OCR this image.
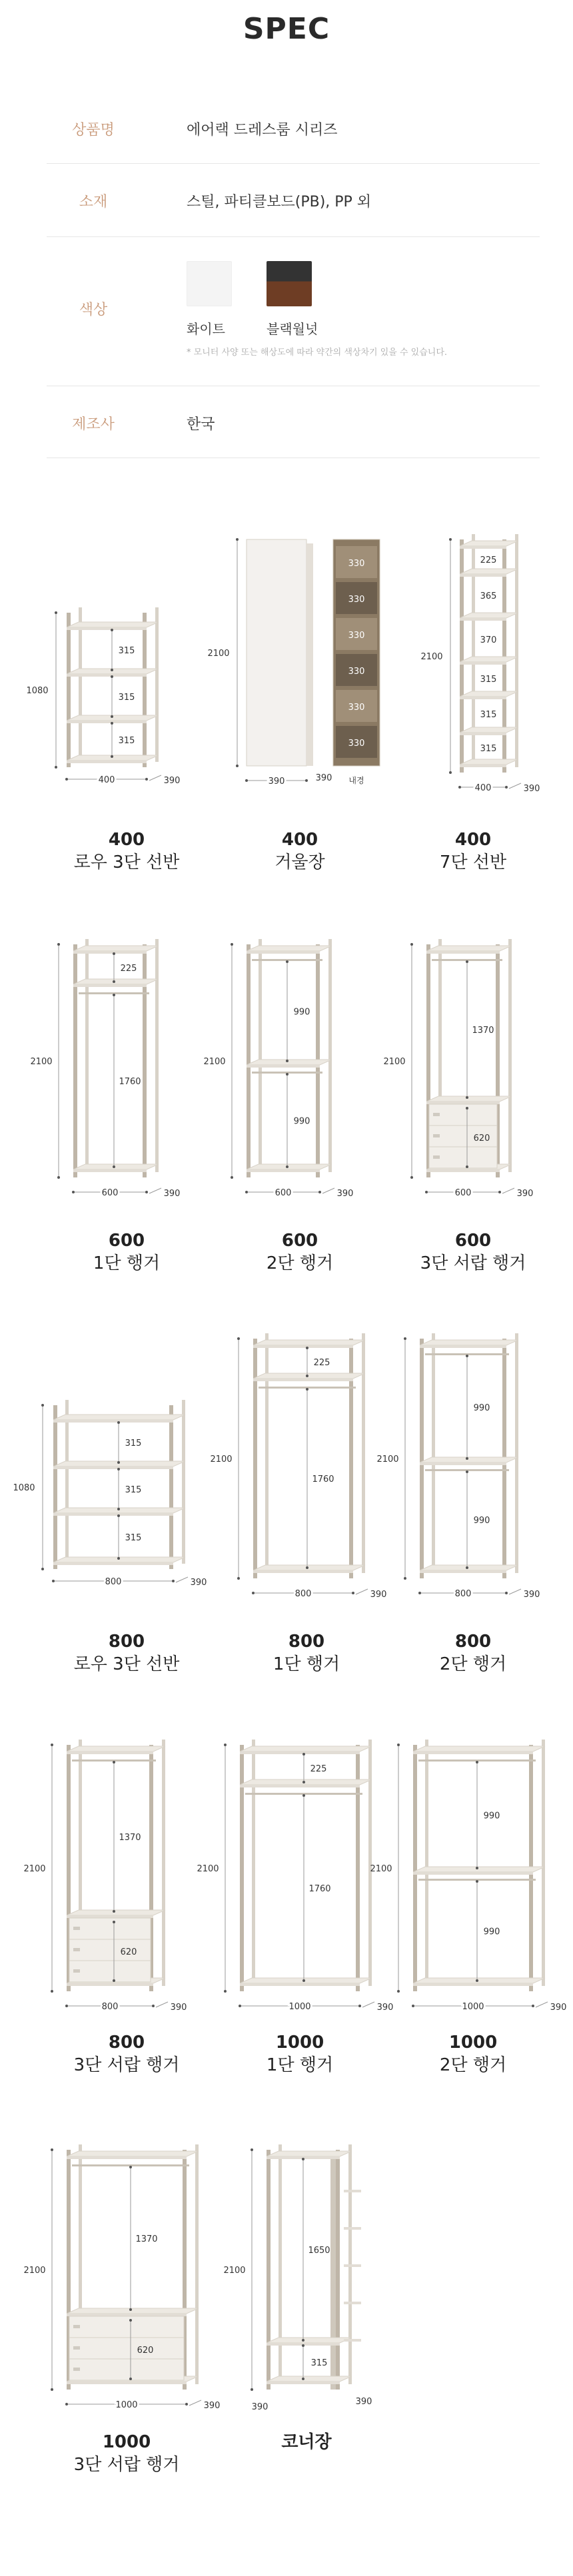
SPEC
상품명	에어랙 드레스룸 시리즈
소재	스틸, 파티클보드(PB), PP 외
색상
화이트	블랙월넛
* 모니터 사양 또는 해상도에 따라 약간의 색상차기 있을 수 있습니다.
제조사	한국
1080
315
315
315
400	390
330
330
330
330
330
330
2100
390	390 내경
2100
225
365
370
315
315
315
400	390
2100
225
1760
600	390
2100
990
990
600	390
2100
1370
620
600	390
1080
315
315
315
800	390
2100
225
1760
800	390
2100
990
990
800	390
2100
1370
620
800	390
2100
225
1760
1000	390
2100
990
990
1000	390
2100
1370
620
1000	390
2100
1650
315
390
390
400
로우 3단 선반
400
거울장
400
7단 선반
600
1단 행거
600
2단 행거
600
3단 서랍 행거
800
로우 3단 선반
800
1단 행거
800
2단 행거
800
3단 서랍 행거
1000
1단 행거
1000
2단 행거
1000
3단 서랍 행거
코너장
